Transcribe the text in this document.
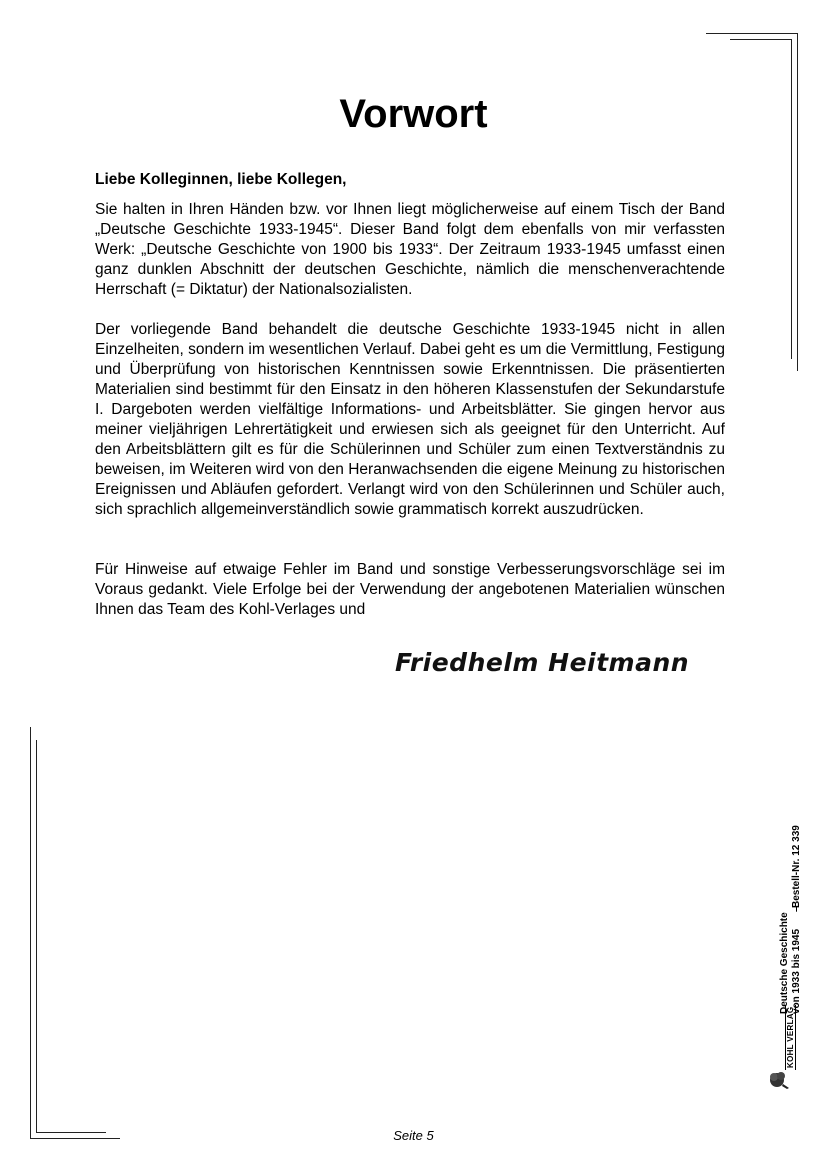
Vorwort
Liebe Kolleginnen, liebe Kollegen,

Sie halten in Ihren Händen bzw. vor Ihnen liegt möglicherweise auf einem Tisch der Band „Deutsche Geschichte 1933-1945“. Dieser Band folgt dem ebenfalls von mir verfassten Werk: „Deutsche Geschichte von 1900 bis 1933“. Der Zeitraum 1933-1945 umfasst einen ganz dunklen Abschnitt der deutschen Geschichte, nämlich die menschenverachtende Herrschaft (= Diktatur) der Nationalsozialisten.

Der vorliegende Band behandelt die deutsche Geschichte 1933-1945 nicht in allen Einzelheiten, sondern im wesentlichen Verlauf. Dabei geht es um die Vermittlung, Festigung und Überprüfung von historischen Kenntnissen sowie Erkenntnissen. Die präsentierten Materialien sind bestimmt für den Einsatz in den höheren Klassenstufen der Sekundarstufe I. Dargeboten werden vielfältige Informations- und Arbeitsblätter. Sie gingen hervor aus meiner vieljährigen Lehrertätigkeit und erwiesen sich als geeignet für den Unterricht. Auf den Arbeitsblättern gilt es für die Schülerinnen und Schüler zum einen Textverständnis zu beweisen, im Weiteren wird von den Heranwachsenden die eigene Meinung zu historischen Ereignissen und Abläufen gefordert. Verlangt wird von den Schülerinnen und Schüler auch, sich sprachlich allgemeinverständlich sowie grammatisch korrekt auszudrücken.

Für Hinweise auf etwaige Fehler im Band und sonstige Verbesserungsvorschläge sei im Voraus gedankt. Viele Erfolge bei der Verwendung der angebotenen Materialien wünschen Ihnen das Team des Kohl-Verlages und

Friedhelm Heitmann
Seite 5
Deutsche Geschichte von 1933 bis 1945
–
Bestell-Nr. 12 339
KOHL VERLAG
